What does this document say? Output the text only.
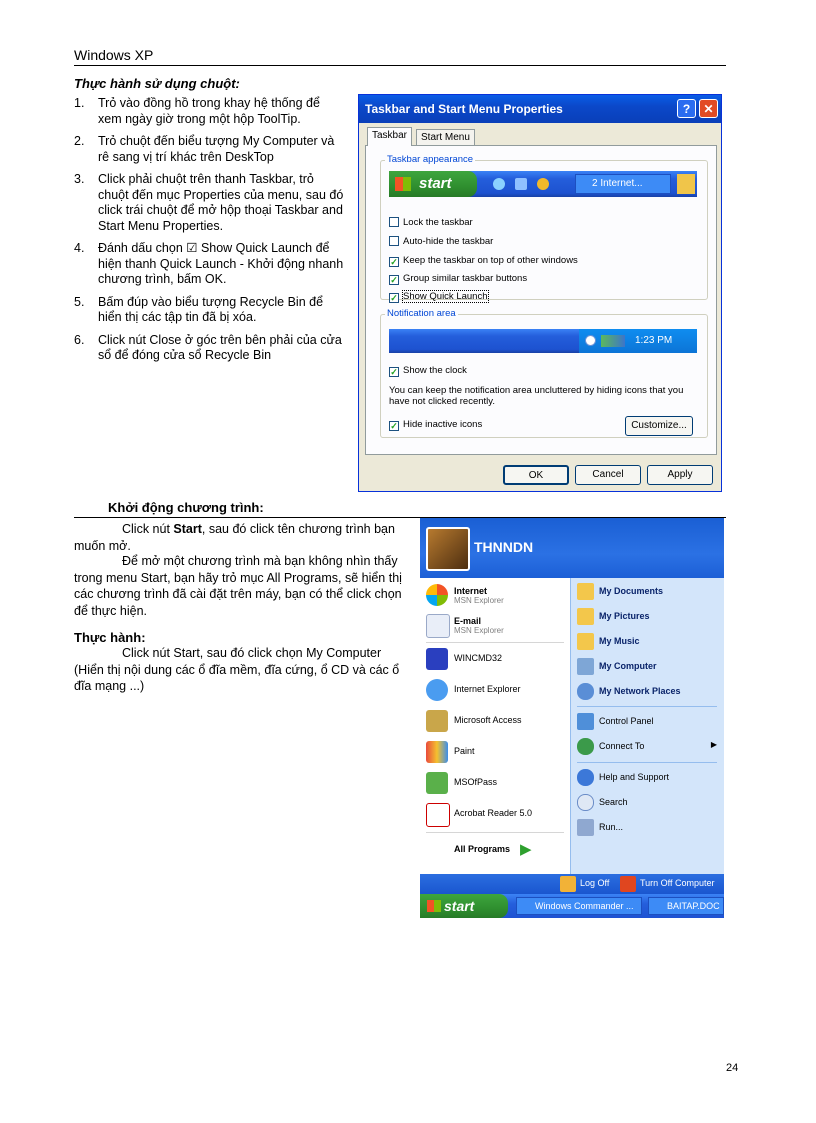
Windows XP
Thực hành sử dụng chuột:
1. Trỏ vào đồng hồ trong khay hệ thống để xem ngày giờ trong một hộp ToolTip.
2. Trỏ chuột đến biểu tượng My Computer và rê sang vị trí khác trên DeskTop
3. Click phải chuột trên thanh Taskbar, trỏ chuột đến mục Properties của menu, sau đó click trái chuột để mở hộp thoại Taskbar and Start Menu Properties.
4. Đánh dấu chọn ☑ Show Quick Launch để hiện thanh Quick Launch - Khởi động nhanh chương trình, bấm OK.
5. Bấm đúp vào biểu tượng Recycle Bin để hiển thị các tập tin đã bị xóa.
6. Click nút Close ở góc trên bên phải của cửa sổ để đóng cửa sổ Recycle Bin
Taskbar and Start Menu Properties	?	✕
Taskbar	Start Menu
Taskbar appearance
start	2 Internet...
Lock the taskbar
Auto-hide the taskbar
✓ Keep the taskbar on top of other windows
✓ Group similar taskbar buttons
✓ Show Quick Launch
Notification area
1:23 PM
✓ Show the clock
You can keep the notification area uncluttered by hiding icons that you have not clicked recently.
✓ Hide inactive icons	Customize...
OK	Cancel	Apply
Khởi động chương trình:
Click nút Start, sau đó click tên chương trình bạn muốn mở.
Để mở một chương trình mà bạn không nhìn thấy trong menu Start, bạn hãy trỏ mục All Programs, sẽ hiển thị các chương trình đã cài đặt trên máy, bạn có thể click chọn để thực hiện.
Thực hành:
Click nút Start, sau đó click chọn My Computer (Hiển thị nội dung các ổ đĩa mềm, đĩa cứng, ổ CD và các ổ đĩa mạng ...)
THNNDN
Internet
MSN Explorer
E-mail
MSN Explorer
WINCMD32
Internet Explorer
Microsoft Access
Paint
MSOfPass
Acrobat Reader 5.0
All Programs ▶
My Documents
My Pictures
My Music
My Computer
My Network Places
Control Panel
Connect To	▶
Help and Support
Search
Run...
Log Off	Turn Off Computer
start	Windows Commander ...	BAITAP.DOC
24
